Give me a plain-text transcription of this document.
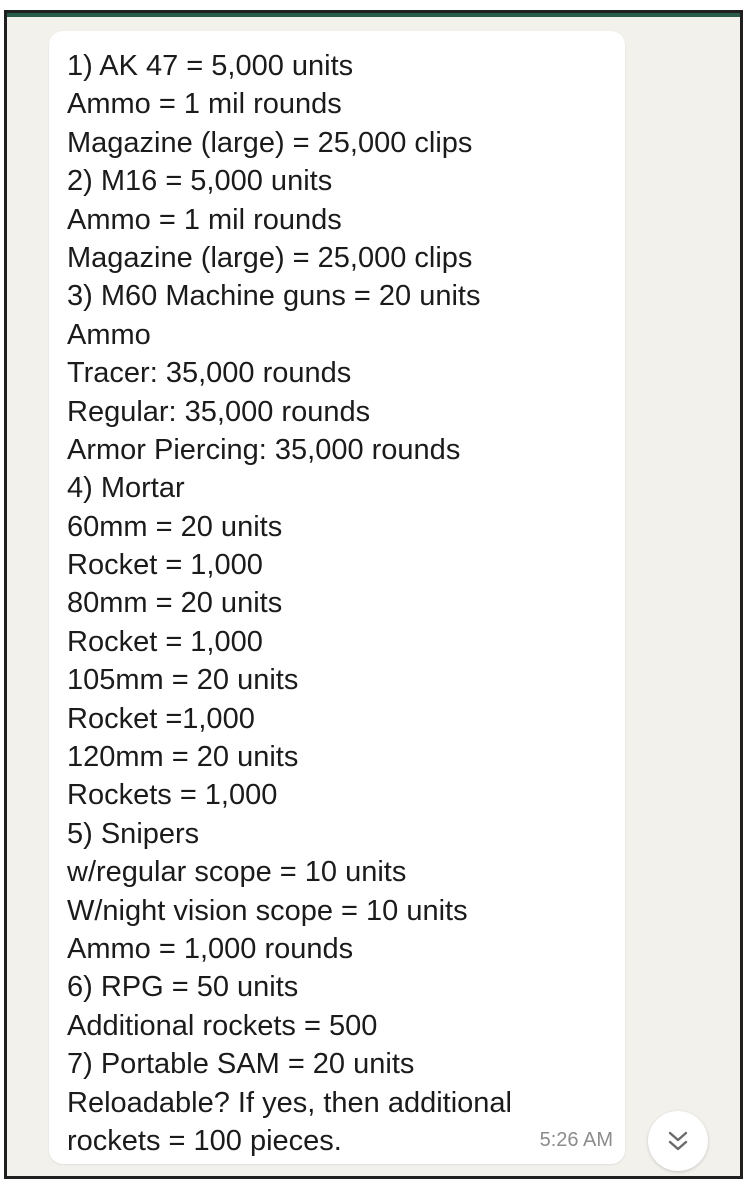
1) AK 47 = 5,000 units
Ammo = 1 mil rounds
Magazine (large) = 25,000 clips
2) M16 = 5,000 units
Ammo = 1 mil rounds
Magazine (large) = 25,000 clips
3) M60 Machine guns = 20 units
Ammo
Tracer: 35,000 rounds
Regular: 35,000 rounds
Armor Piercing: 35,000 rounds
4) Mortar
60mm = 20 units
Rocket = 1,000
80mm = 20 units
Rocket = 1,000
105mm = 20 units
Rocket =1,000
120mm = 20 units
Rockets = 1,000
5) Snipers
w/regular scope = 10 units
W/night vision scope = 10 units
Ammo = 1,000 rounds
6) RPG = 50 units
Additional rockets = 500
7) Portable SAM = 20 units
Reloadable? If yes, then additional
rockets = 100 pieces.	5:26 AM
